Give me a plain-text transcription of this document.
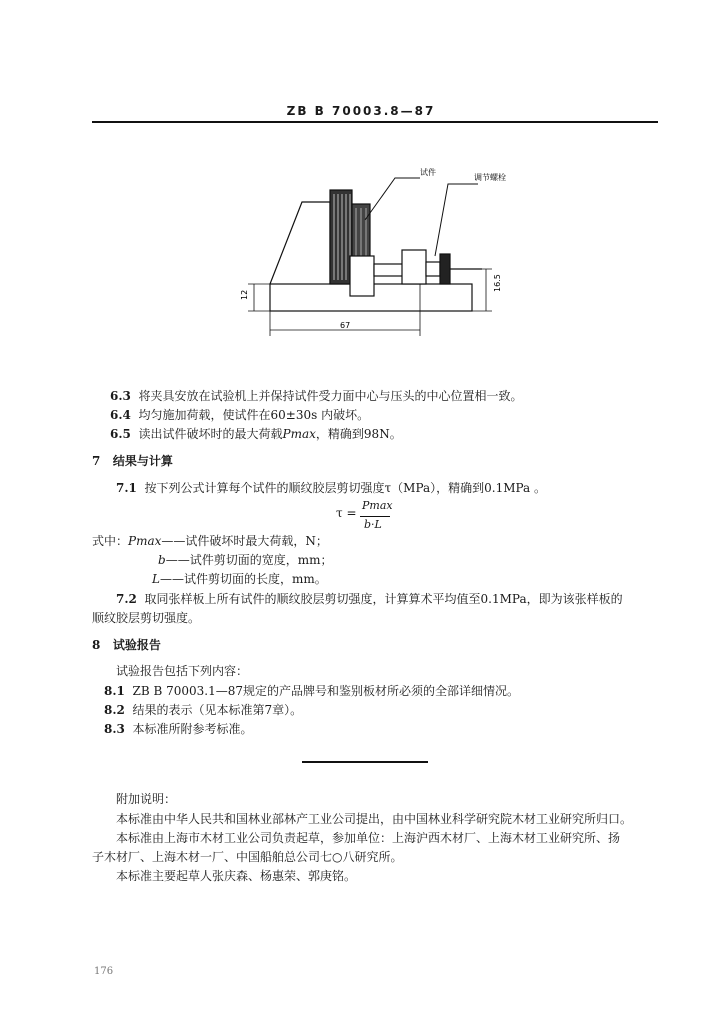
ZB B 70003.8—87
试件
调节螺栓
12
67
16.5
6.3 将夹具安放在试验机上并保持试件受力面中心与压头的中心位置相一致。
6.4 均匀施加荷载，使试件在60±30s 内破坏。
6.5 读出试件破坏时的最大荷载Pmax，精确到98N。
7 结果与计算
7.1 按下列公式计算每个试件的顺纹胶层剪切强度τ（MPa），精确到0.1MPa 。
τ =
Pmax
b·L
式中：Pmax——试件破坏时最大荷载，N；
b——试件剪切面的宽度，mm；
L——试件剪切面的长度，mm。
7.2 取同张样板上所有试件的顺纹胶层剪切强度，计算算术平均值至0.1MPa，即为该张样板的
顺纹胶层剪切强度。
8 试验报告
试验报告包括下列内容：
8.1 ZB B 70003.1—87规定的产品牌号和鉴别板材所必须的全部详细情况。
8.2 结果的表示（见本标准第7章）。
8.3 本标准所附参考标准。
附加说明：
本标准由中华人民共和国林业部林产工业公司提出，由中国林业科学研究院木材工业研究所归口。
本标准由上海市木材工业公司负责起草，参加单位：上海沪西木材厂、上海木材工业研究所、扬
子木材厂、上海木材一厂、中国船舶总公司七○八研究所。
本标准主要起草人张庆森、杨惠荣、郭庚铭。
176
